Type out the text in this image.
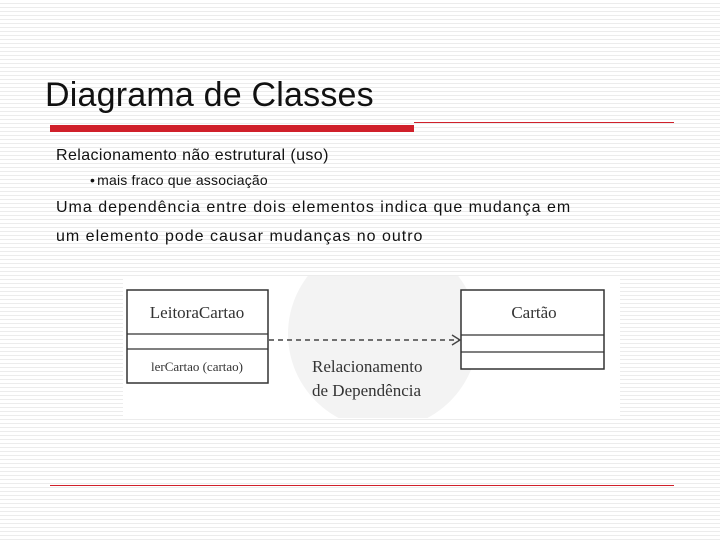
Diagrama de Classes
Relacionamento não estrutural (uso)
• mais fraco que associação
Uma dependência entre dois elementos indica que mudança em
um elemento pode causar mudanças no outro
LeitoraCartao
lerCartao (cartao)
Cartão
Relacionamento
de Dependência
